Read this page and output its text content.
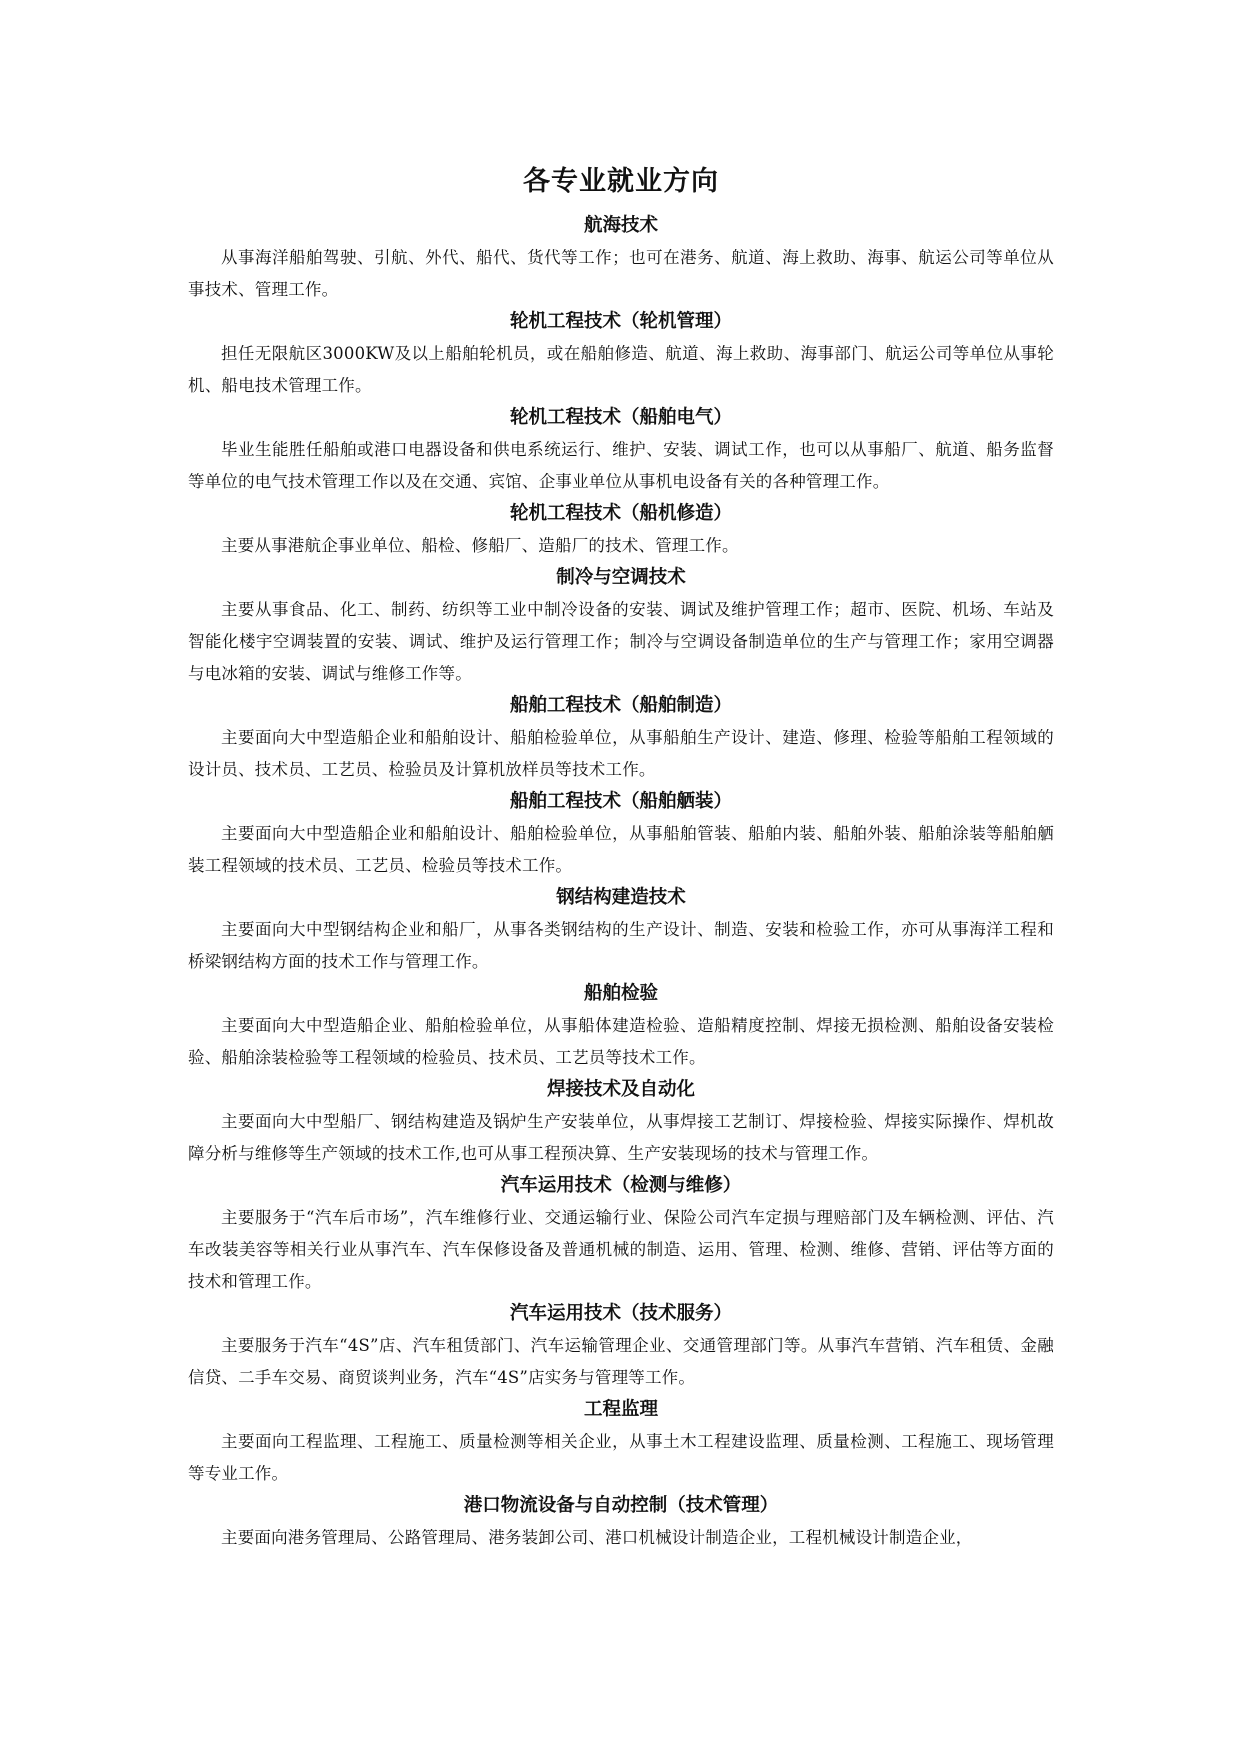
各专业就业方向
航海技术

从事海洋船舶驾驶、引航、外代、船代、货代等工作；也可在港务、航道、海上救助、海事、航运公司等单位从事技术、管理工作。

轮机工程技术（轮机管理）

担任无限航区3000KW及以上船舶轮机员，或在船舶修造、航道、海上救助、海事部门、航运公司等单位从事轮机、船电技术管理工作。

轮机工程技术（船舶电气）

毕业生能胜任船舶或港口电器设备和供电系统运行、维护、安装、调试工作，也可以从事船厂、航道、船务监督等单位的电气技术管理工作以及在交通、宾馆、企事业单位从事机电设备有关的各种管理工作。

轮机工程技术（船机修造）

主要从事港航企事业单位、船检、修船厂、造船厂的技术、管理工作。

制冷与空调技术

主要从事食品、化工、制药、纺织等工业中制冷设备的安装、调试及维护管理工作；超市、医院、机场、车站及智能化楼宇空调装置的安装、调试、维护及运行管理工作；制冷与空调设备制造单位的生产与管理工作；家用空调器与电冰箱的安装、调试与维修工作等。

船舶工程技术（船舶制造）

主要面向大中型造船企业和船舶设计、船舶检验单位，从事船舶生产设计、建造、修理、检验等船舶工程领域的设计员、技术员、工艺员、检验员及计算机放样员等技术工作。

船舶工程技术（船舶舾装）

主要面向大中型造船企业和船舶设计、船舶检验单位，从事船舶管装、船舶内装、船舶外装、船舶涂装等船舶舾装工程领域的技术员、工艺员、检验员等技术工作。

钢结构建造技术

主要面向大中型钢结构企业和船厂，从事各类钢结构的生产设计、制造、安装和检验工作，亦可从事海洋工程和桥梁钢结构方面的技术工作与管理工作。

船舶检验

主要面向大中型造船企业、船舶检验单位，从事船体建造检验、造船精度控制、焊接无损检测、船舶设备安装检验、船舶涂装检验等工程领域的检验员、技术员、工艺员等技术工作。

焊接技术及自动化

主要面向大中型船厂、钢结构建造及锅炉生产安装单位，从事焊接工艺制订、焊接检验、焊接实际操作、焊机故障分析与维修等生产领域的技术工作,也可从事工程预决算、生产安装现场的技术与管理工作。

汽车运用技术（检测与维修）

主要服务于“汽车后市场”，汽车维修行业、交通运输行业、保险公司汽车定损与理赔部门及车辆检测、评估、汽车改装美容等相关行业从事汽车、汽车保修设备及普通机械的制造、运用、管理、检测、维修、营销、评估等方面的技术和管理工作。

汽车运用技术（技术服务）

主要服务于汽车“4S”店、汽车租赁部门、汽车运输管理企业、交通管理部门等。从事汽车营销、汽车租赁、金融信贷、二手车交易、商贸谈判业务，汽车“4S”店实务与管理等工作。

工程监理

主要面向工程监理、工程施工、质量检测等相关企业，从事土木工程建设监理、质量检测、工程施工、现场管理等专业工作。

港口物流设备与自动控制（技术管理）

主要面向港务管理局、公路管理局、港务装卸公司、港口机械设计制造企业，工程机械设计制造企业，
